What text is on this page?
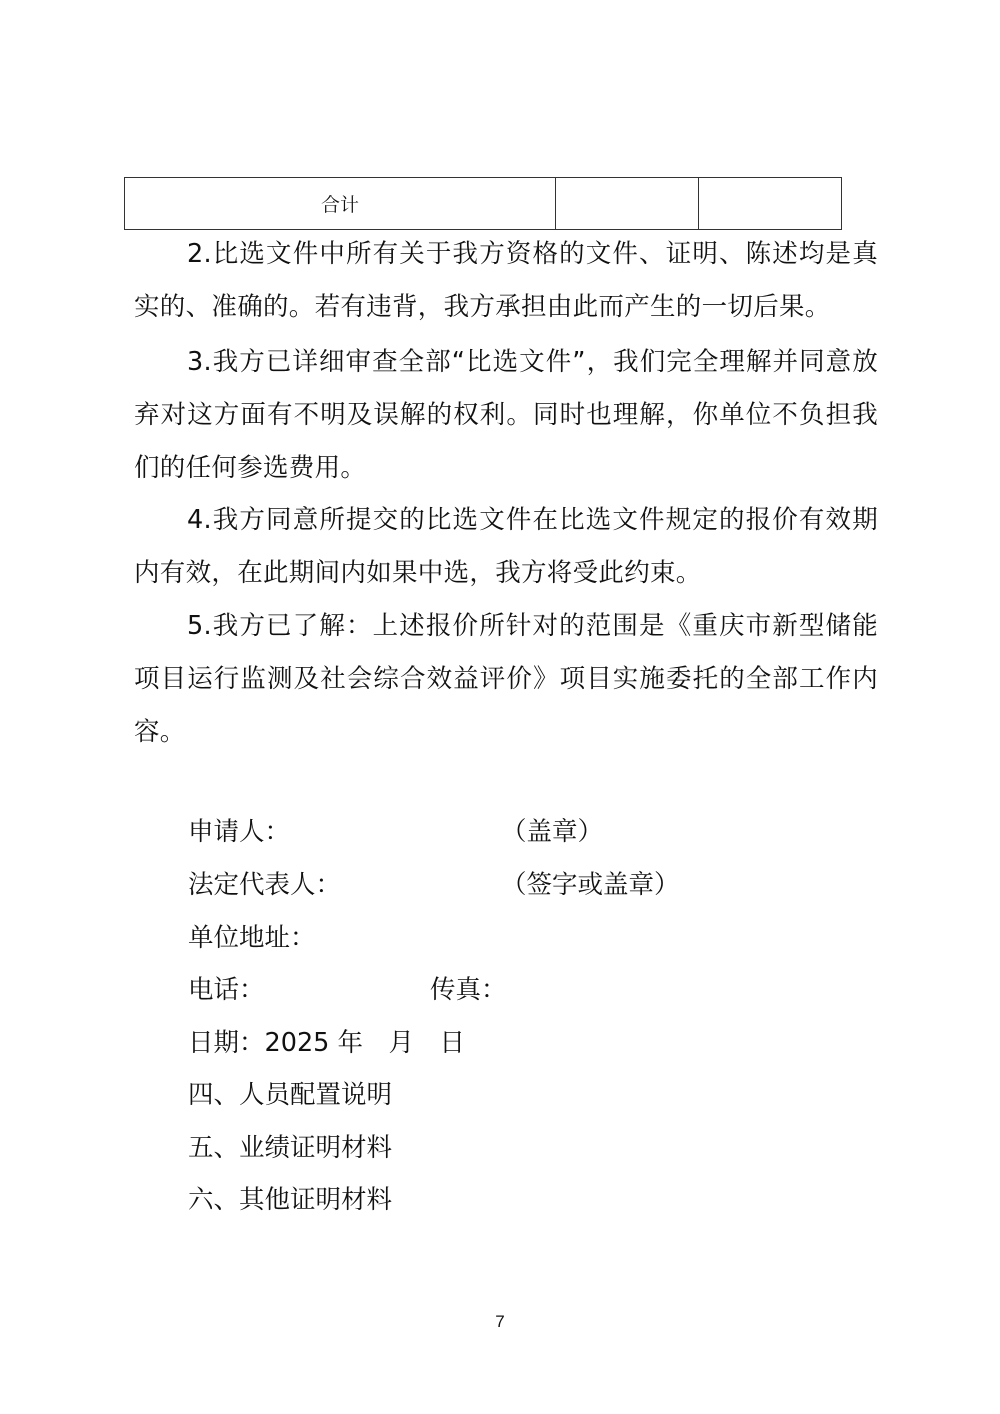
合计		

2.比选文件中所有关于我方资格的文件、证明、陈述均是真实的、准确的。若有违背，我方承担由此而产生的一切后果。

3.我方已详细审查全部“比选文件”，我们完全理解并同意放弃对这方面有不明及误解的权利。同时也理解，你单位不负担我们的任何参选费用。

4.我方同意所提交的比选文件在比选文件规定的报价有效期内有效，在此期间内如果中选，我方将受此约束。

5.我方已了解：上述报价所针对的范围是《重庆市新型储能项目运行监测及社会综合效益评价》项目实施委托的全部工作内容。

申请人：	（盖章）
法定代表人：	（签字或盖章）
单位地址：
电话：	传真：
日期：2025 年　月　日
四、人员配置说明
五、业绩证明材料
六、其他证明材料
7
